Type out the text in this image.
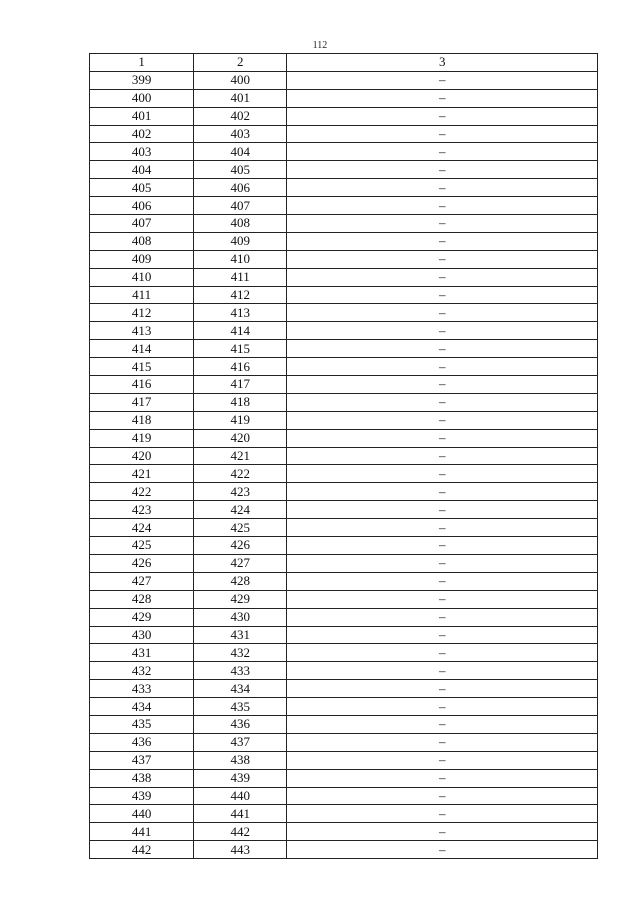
112
1	2	3
399	400	–
400	401	–
401	402	–
402	403	–
403	404	–
404	405	–
405	406	–
406	407	–
407	408	–
408	409	–
409	410	–
410	411	–
411	412	–
412	413	–
413	414	–
414	415	–
415	416	–
416	417	–
417	418	–
418	419	–
419	420	–
420	421	–
421	422	–
422	423	–
423	424	–
424	425	–
425	426	–
426	427	–
427	428	–
428	429	–
429	430	–
430	431	–
431	432	–
432	433	–
433	434	–
434	435	–
435	436	–
436	437	–
437	438	–
438	439	–
439	440	–
440	441	–
441	442	–
442	443	–
